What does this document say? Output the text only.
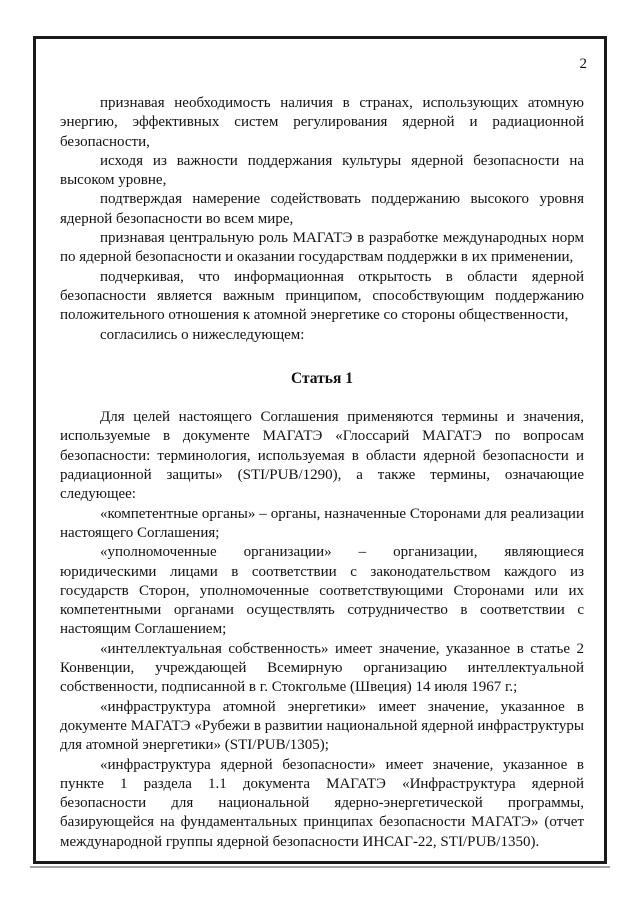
2

признавая необходимость наличия в странах, использующих атомную энергию, эффективных систем регулирования ядерной и радиационной безопасности,

исходя из важности поддержания культуры ядерной безопасности на высоком уровне,

подтверждая намерение содействовать поддержанию высокого уровня ядерной безопасности во всем мире,

признавая центральную роль МАГАТЭ в разработке международных норм по ядерной безопасности и оказании государствам поддержки в их применении,

подчеркивая, что информационная открытость в области ядерной безопасности является важным принципом, способствующим поддержанию положительного отношения к атомной энергетике со стороны общественности,

согласились о нижеследующем:

Статья 1

Для целей настоящего Соглашения применяются термины и значения, используемые в документе МАГАТЭ «Глоссарий МАГАТЭ по вопросам безопасности: терминология, используемая в области ядерной безопасности и радиационной защиты» (STI/PUB/1290), а также термины, означающие следующее:

«компетентные органы» – органы, назначенные Сторонами для реализации настоящего Соглашения;

«уполномоченные организации» – организации, являющиеся юридическими лицами в соответствии с законодательством каждого из государств Сторон, уполномоченные соответствующими Сторонами или их компетентными органами осуществлять сотрудничество в соответствии с настоящим Соглашением;

«интеллектуальная собственность» имеет значение, указанное в статье 2 Конвенции, учреждающей Всемирную организацию интеллектуальной собственности, подписанной в г. Стокгольме (Швеция) 14 июля 1967 г.;

«инфраструктура атомной энергетики» имеет значение, указанное в документе МАГАТЭ «Рубежи в развитии национальной ядерной инфраструктуры для атомной энергетики» (STI/PUB/1305);

«инфраструктура ядерной безопасности» имеет значение, указанное в пункте 1 раздела 1.1 документа МАГАТЭ «Инфраструктура ядерной безопасности для национальной ядерно-энергетической программы, базирующейся на фундаментальных принципах безопасности МАГАТЭ» (отчет международной группы ядерной безопасности ИНСАГ-22, STI/PUB/1350).
